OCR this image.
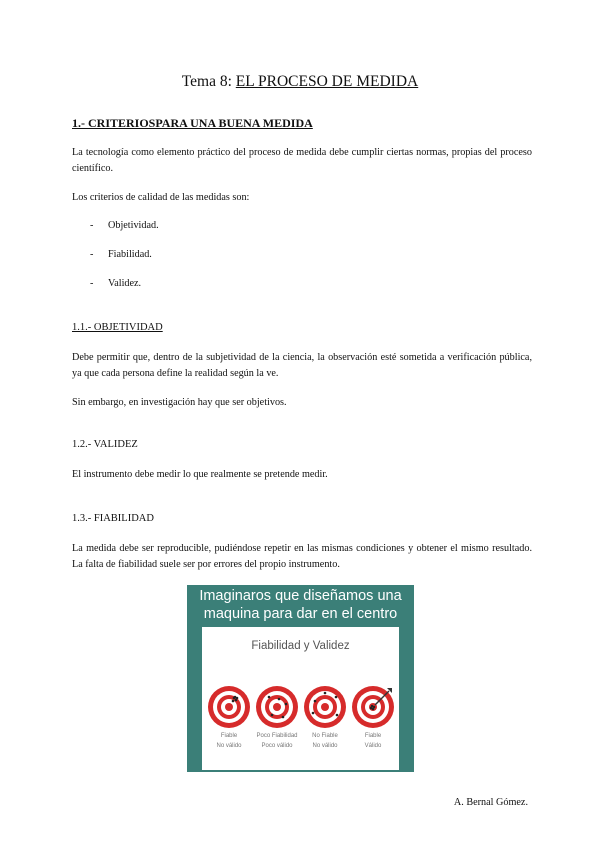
Tema 8: EL PROCESO DE MEDIDA
1.- CRITERIOSPARA UNA BUENA MEDIDA
La tecnología como elemento práctico del proceso de medida debe cumplir ciertas normas, propias del proceso científico.
Los criterios de calidad de las medidas son:
- Objetividad.
- Fiabilidad.
- Validez.
1.1.- OBJETIVIDAD
Debe permitir que, dentro de la subjetividad de la ciencia, la observación esté sometida a verificación pública, ya que cada persona define la realidad según la ve.
Sin embargo, en investigación hay que ser objetivos.
1.2.- VALIDEZ
El instrumento debe medir lo que realmente se pretende medir.
1.3.- FIABILIDAD
La medida debe ser reproducible, pudiéndose repetir en las mismas condiciones y obtener el mismo resultado. La falta de fiabilidad suele ser por errores del propio instrumento.
Imaginaros que diseñamos una
maquina para dar en el centro
Fiabilidad y Validez
Fiable
No válido
Poco Fiabilidad
Poco válido
No Fiable
No válido
Fiable
Válido
A. Bernal Gómez.
